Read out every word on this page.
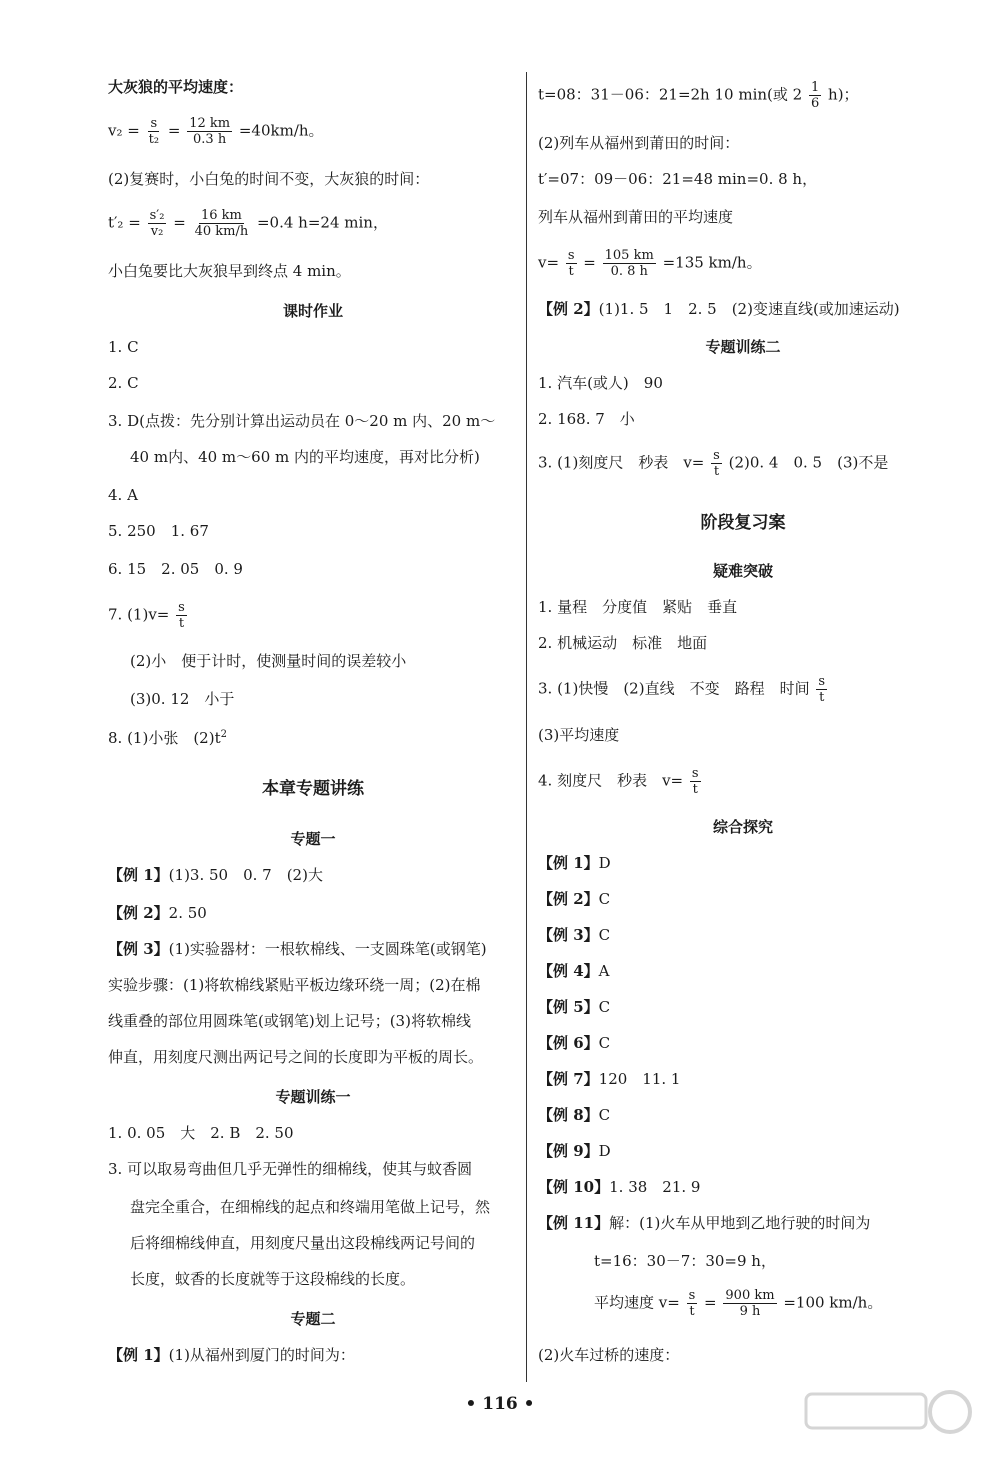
大灰狼的平均速度：
$v_2 = \frac{s}{\text{t₂}} = \frac{12 km}{0.3 h} =40km/h$。
(2)复赛时，小白兔的时间不变，大灰狼的时间：
$t'_2 = \frac{\text{s′₂}}{\text{v₂}} = \frac{16 km}{40 km/h} =0.4$ h=24 min，
小白兔要比大灰狼早到终点 4 min。
课时作业
1. C
2. C
3. D(点拨：先分别计算出运动员在 0～20 m 内、20 m～
40 m内、40 m～60 m 内的平均速度，再对比分析)
4. A
5. 250　1. 67
6. 15　2. 05　0. 9
7. $(1)v= \frac{s}{t}$
(2)小　便于计时，使测量时间的误差较小
(3)0. 12　小于
8. (1)小张　$(2)t^2$
本章专题讲练
专题一
【例 1】(1)3. 50　0. 7　(2)大
【例 2】2. 50
【例 3】(1)实验器材：一根软棉线、一支圆珠笔(或钢笔)
实验步骤：(1)将软棉线紧贴平板边缘环绕一周；(2)在棉
线重叠的部位用圆珠笔(或钢笔)划上记号；(3)将软棉线
伸直，用刻度尺测出两记号之间的长度即为平板的周长。
专题训练一
1. 0. 05　大　2. B　2. 50
3. 可以取易弯曲但几乎无弹性的细棉线，使其与蚊香圆
盘完全重合，在细棉线的起点和终端用笔做上记号，然
后将细棉线伸直，用刻度尺量出这段棉线两记号间的
长度，蚊香的长度就等于这段棉线的长度。
专题二
【例 1】(1)从福州到厦门的时间为：
t=08：31－06：21=2h 10 min(或 $2 \frac{1}{6} h$)；
(2)列车从福州到莆田的时间：
t′=07：09－06：21=48 min=0. 8 h，
列车从福州到莆田的平均速度
$v= \frac{s}{t} = \frac{105 km}{0. 8 h} =135$ km/h。
【例 2】(1)1. 5　1　2. 5　(2)变速直线(或加速运动)
专题训练二
1. 汽车(或人)　90
2. 168. 7　小
3. (1)刻度尺　秒表　$v= \frac{s}{t} (2)0$. 4　0. 5　(3)不是
阶段复习案
疑难突破
1. 量程　分度值　紧贴　垂直
2. 机械运动　标准　地面
3. (1)快慢　(2)直线　不变　路程　时间 $\frac{s}{t}$
(3)平均速度
4. 刻度尺　秒表　$v= \frac{s}{t}$
综合探究
【例 1】D
【例 2】C
【例 3】C
【例 4】A
【例 5】C
【例 6】C
【例 7】120　11. 1
【例 8】C
【例 9】D
【例 10】1. 38　21. 9
【例 11】解：(1)火车从甲地到乙地行驶的时间为
t=16：30－7：30=9 h，
平均速度 $v= \frac{s}{t} = \frac{900 km}{9 h} =100$ km/h。
(2)火车过桥的速度：
• 116 •
